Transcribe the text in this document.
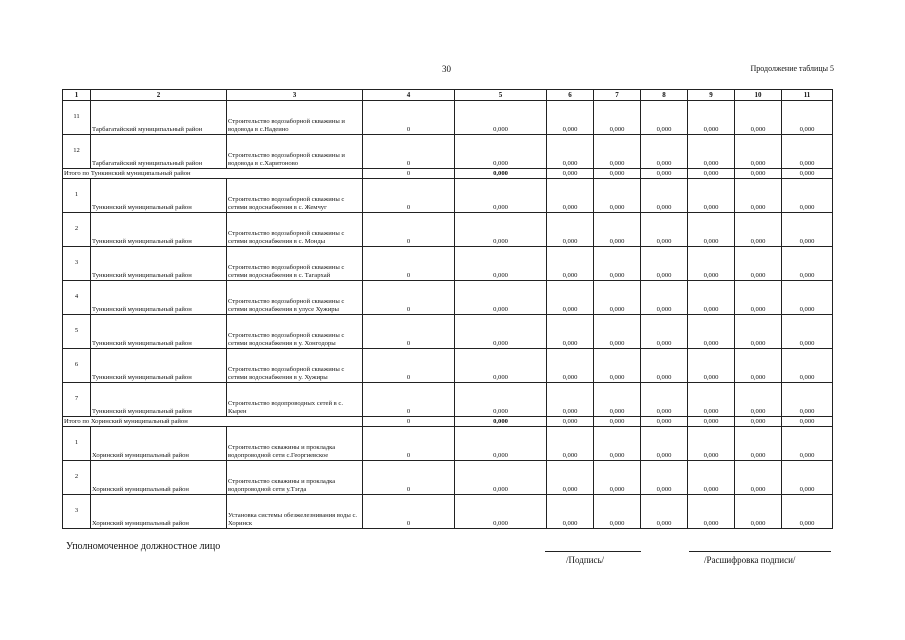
30	Продолжение таблицы 5
1	2	3	4	5	6	7	8	9	10	11
11	Тарбагатайский муниципальный район	Строительство водозаборной скважины и водовода в с.Надеино	0	0,000	0,000	0,000	0,000	0,000	0,000	0,000
12	Тарбагатайский муниципальный район	Строительство водозаборной скважины и водовода в с.Харитоново	0	0,000	0,000	0,000	0,000	0,000	0,000	0,000
Итого по Тункинский муниципальный район			0	0,000	0,000	0,000	0,000	0,000	0,000	0,000
1	Тункинский муниципальный район	Строительство водозаборной скважины с сетями водоснабжения в с. Жемчуг	0	0,000	0,000	0,000	0,000	0,000	0,000	0,000
2	Тункинский муниципальный район	Строительство водозаборной скважины с сетями водоснабжения в с. Монды	0	0,000	0,000	0,000	0,000	0,000	0,000	0,000
3	Тункинский муниципальный район	Строительство водозаборной скважины с сетями водоснабжения в с. Тагархай	0	0,000	0,000	0,000	0,000	0,000	0,000	0,000
4	Тункинский муниципальный район	Строительство водозаборной скважины с сетями водоснабжения в улусе Хужиры	0	0,000	0,000	0,000	0,000	0,000	0,000	0,000
5	Тункинский муниципальный район	Строительство водозаборной скважины с сетями водоснабжения в у. Хонгодоры	0	0,000	0,000	0,000	0,000	0,000	0,000	0,000
6	Тункинский муниципальный район	Строительство водозаборной скважины с сетями водоснабжения в у. Хужиры	0	0,000	0,000	0,000	0,000	0,000	0,000	0,000
7	Тункинский муниципальный район	Строительство водопроводных сетей в с. Кырен	0	0,000	0,000	0,000	0,000	0,000	0,000	0,000
Итого по Хоринский муниципальный район			0	0,000	0,000	0,000	0,000	0,000	0,000	0,000
1	Хоринский муниципальный район	Строительство скважины и прокладка водопроводной сети с.Георгиевское	0	0,000	0,000	0,000	0,000	0,000	0,000	0,000
2	Хоринский муниципальный район	Строительство скважины и прокладка водопроводной сети у.Тэгда	0	0,000	0,000	0,000	0,000	0,000	0,000	0,000
3	Хоринский муниципальный район	Установка системы обезжелезнивания воды с. Хоринск	0	0,000	0,000	0,000	0,000	0,000	0,000	0,000
Уполномоченное должностное лицо
/Подпись/	/Расшифровка подписи/
